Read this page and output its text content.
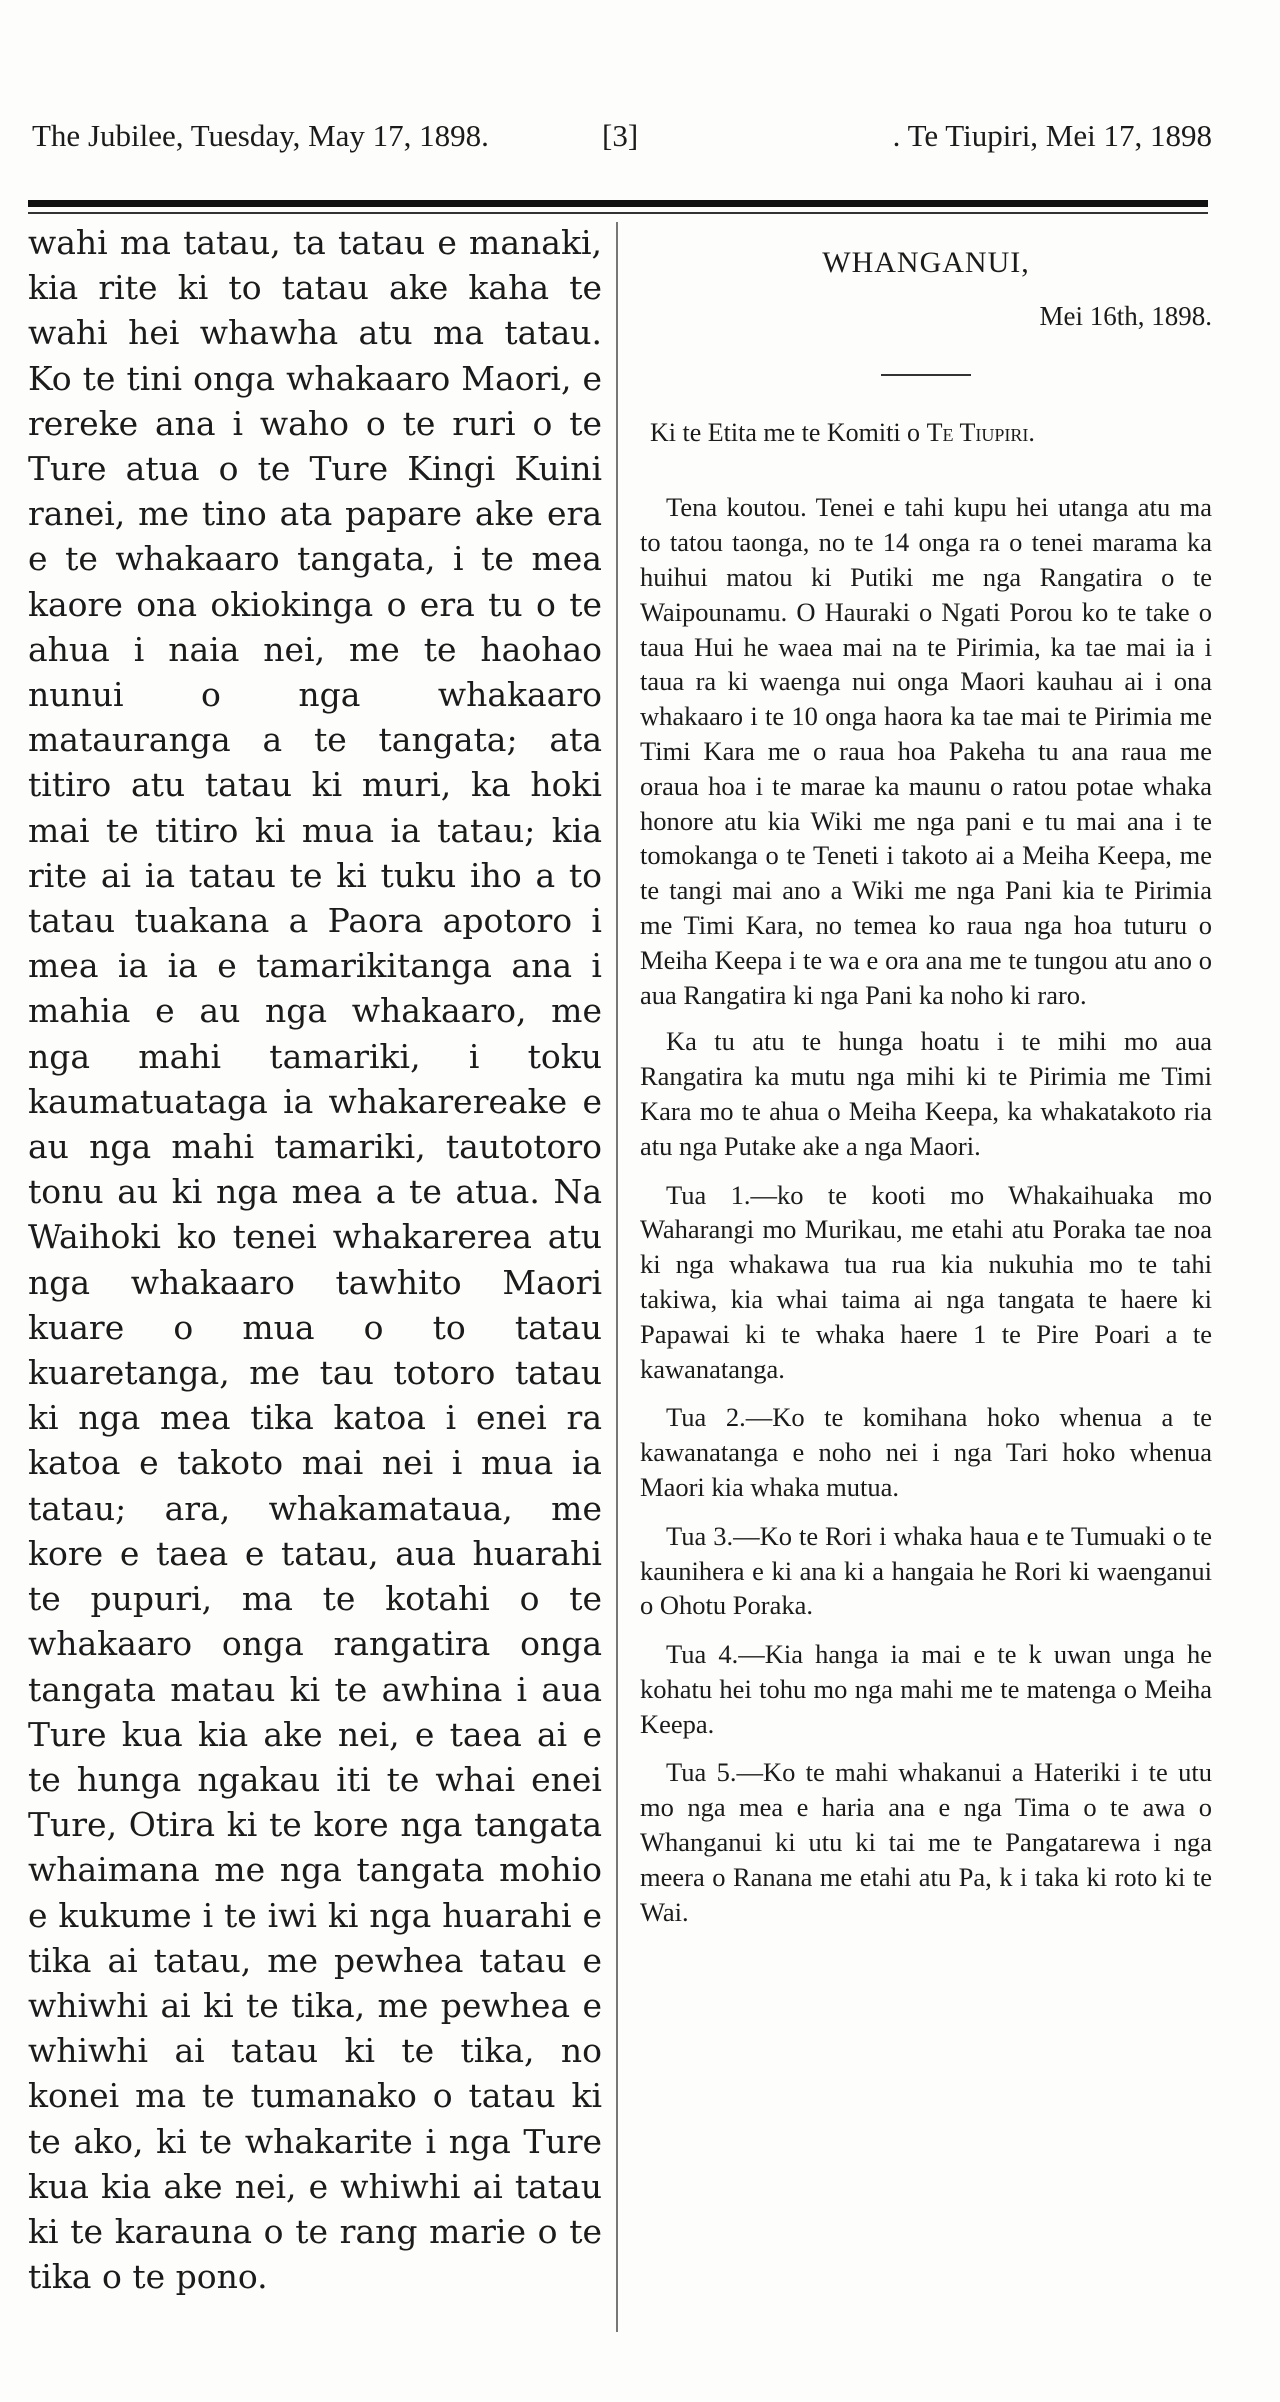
The Jubilee, Tuesday, May 17, 1898.	[3]	. Te Tiupiri, Mei 17, 1898

wahi ma tatau, ta tatau e manaki, kia rite ki to tatau ake kaha te wahi hei whawha atu ma tatau. Ko te tini onga whakaaro Maori, e rereke ana i waho o te ruri o te Ture atua o te Ture Kingi Kuini ranei, me tino ata papare ake era e te whakaaro tangata, i te mea kaore ona okiokinga o era tu o te ahua i naia nei, me te haohao nunui o nga whakaaro matauranga a te tangata; ata titiro atu tatau ki muri, ka hoki mai te titiro ki mua ia tatau; kia rite ai ia tatau te ki tuku iho a to tatau tuakana a Paora apotoro i mea ia ia e tamarikitanga ana i mahia e au nga whakaaro, me nga mahi tamariki, i toku kaumatuataga ia whakarereake e au nga mahi tamariki, tautotoro tonu au ki nga mea a te atua. Na Waihoki ko tenei whakarerea atu nga whakaaro tawhito Maori kuare o mua o to tatau kuaretanga, me tau totoro tatau ki nga mea tika katoa i enei ra katoa e takoto mai nei i mua ia tatau; ara, whakamataua, me kore e taea e tatau, aua huarahi te pupuri, ma te kotahi o te whakaaro onga rangatira onga tangata matau ki te awhina i aua Ture kua kia ake nei, e taea ai e te hunga ngakau iti te whai enei Ture, Otira ki te kore nga tangata whaimana me nga tangata mohio e kukume i te iwi ki nga huarahi e tika ai tatau, me pewhea tatau e whiwhi ai ki te tika, me pewhea e whiwhi ai tatau ki te tika, no konei ma te tumanako o tatau ki te ako, ki te whakarite i nga Ture kua kia ake nei, e whiwhi ai tatau ki te karauna o te rang marie o te tika o te pono.

WHANGANUI,
Mei 16th, 1898.
Ki te Etita me te Komiti o Te Tiupiri.

Tena koutou. Tenei e tahi kupu hei utanga atu ma to tatou taonga, no te 14 onga ra o tenei marama ka huihui matou ki Putiki me nga Rangatira o te Waipounamu. O Hauraki o Ngati Porou ko te take o taua Hui he waea mai na te Pirimia, ka tae mai ia i taua ra ki waenga nui onga Maori kauhau ai i ona whakaaro i te 10 onga haora ka tae mai te Pirimia me Timi Kara me o raua hoa Pakeha tu ana raua me oraua hoa i te marae ka maunu o ratou potae whaka honore atu kia Wiki me nga pani e tu mai ana i te tomokanga o te Teneti i takoto ai a Meiha Keepa, me te tangi mai ano a Wiki me nga Pani kia te Pirimia me Timi Kara, no temea ko raua nga hoa tuturu o Meiha Keepa i te wa e ora ana me te tungou atu ano o aua Rangatira ki nga Pani ka noho ki raro.

Ka tu atu te hunga hoatu i te mihi mo aua Rangatira ka mutu nga mihi ki te Pirimia me Timi Kara mo te ahua o Meiha Keepa, ka whakatakoto ria atu nga Putake ake a nga Maori.

Tua 1.—ko te kooti mo Whakaihuaka mo Waharangi mo Murikau, me etahi atu Poraka tae noa ki nga whakawa tua rua kia nukuhia mo te tahi takiwa, kia whai taima ai nga tangata te haere ki Papawai ki te whaka haere 1 te Pire Poari a te kawanatanga.

Tua 2.—Ko te komihana hoko whenua a te kawanatanga e noho nei i nga Tari hoko whenua Maori kia whaka mutua.

Tua 3.—Ko te Rori i whaka haua e te Tumuaki o te kaunihera e ki ana ki a hangaia he Rori ki waenganui o Ohotu Poraka.

Tua 4.—Kia hanga ia mai e te k uwan unga he kohatu hei tohu mo nga mahi me te matenga o Meiha Keepa.

Tua 5.—Ko te mahi whakanui a Hateriki i te utu mo nga mea e haria ana e nga Tima o te awa o Whanganui ki utu ki tai me te Pangatarewa i nga meera o Ranana me etahi atu Pa, k i taka ki roto ki te Wai.
